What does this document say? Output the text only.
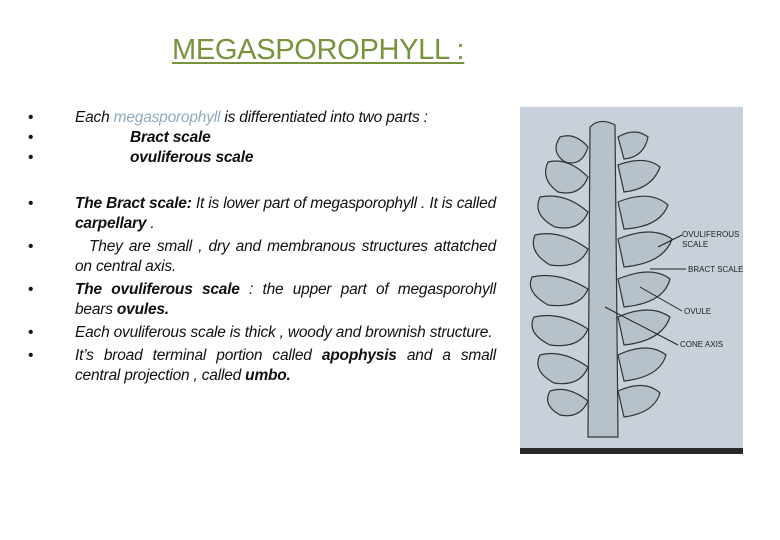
MEGASPOROPHYLL :
• Each megasporophyll is differentiated into two parts :
• Bract scale
• ovuliferous scale
• The Bract scale: It is lower part of megasporophyll . It is called carpellary .
• They are small , dry and membranous structures attatched on central axis.
• The ovuliferous scale : the upper part of megasporohyll bears ovules.
• Each ovuliferous scale is thick , woody and brownish structure.
• It’s broad terminal portion called apophysis and a small central projection , called umbo.
OVULIFEROUS
SCALE
BRACT SCALE
OVULE
CONE AXIS
